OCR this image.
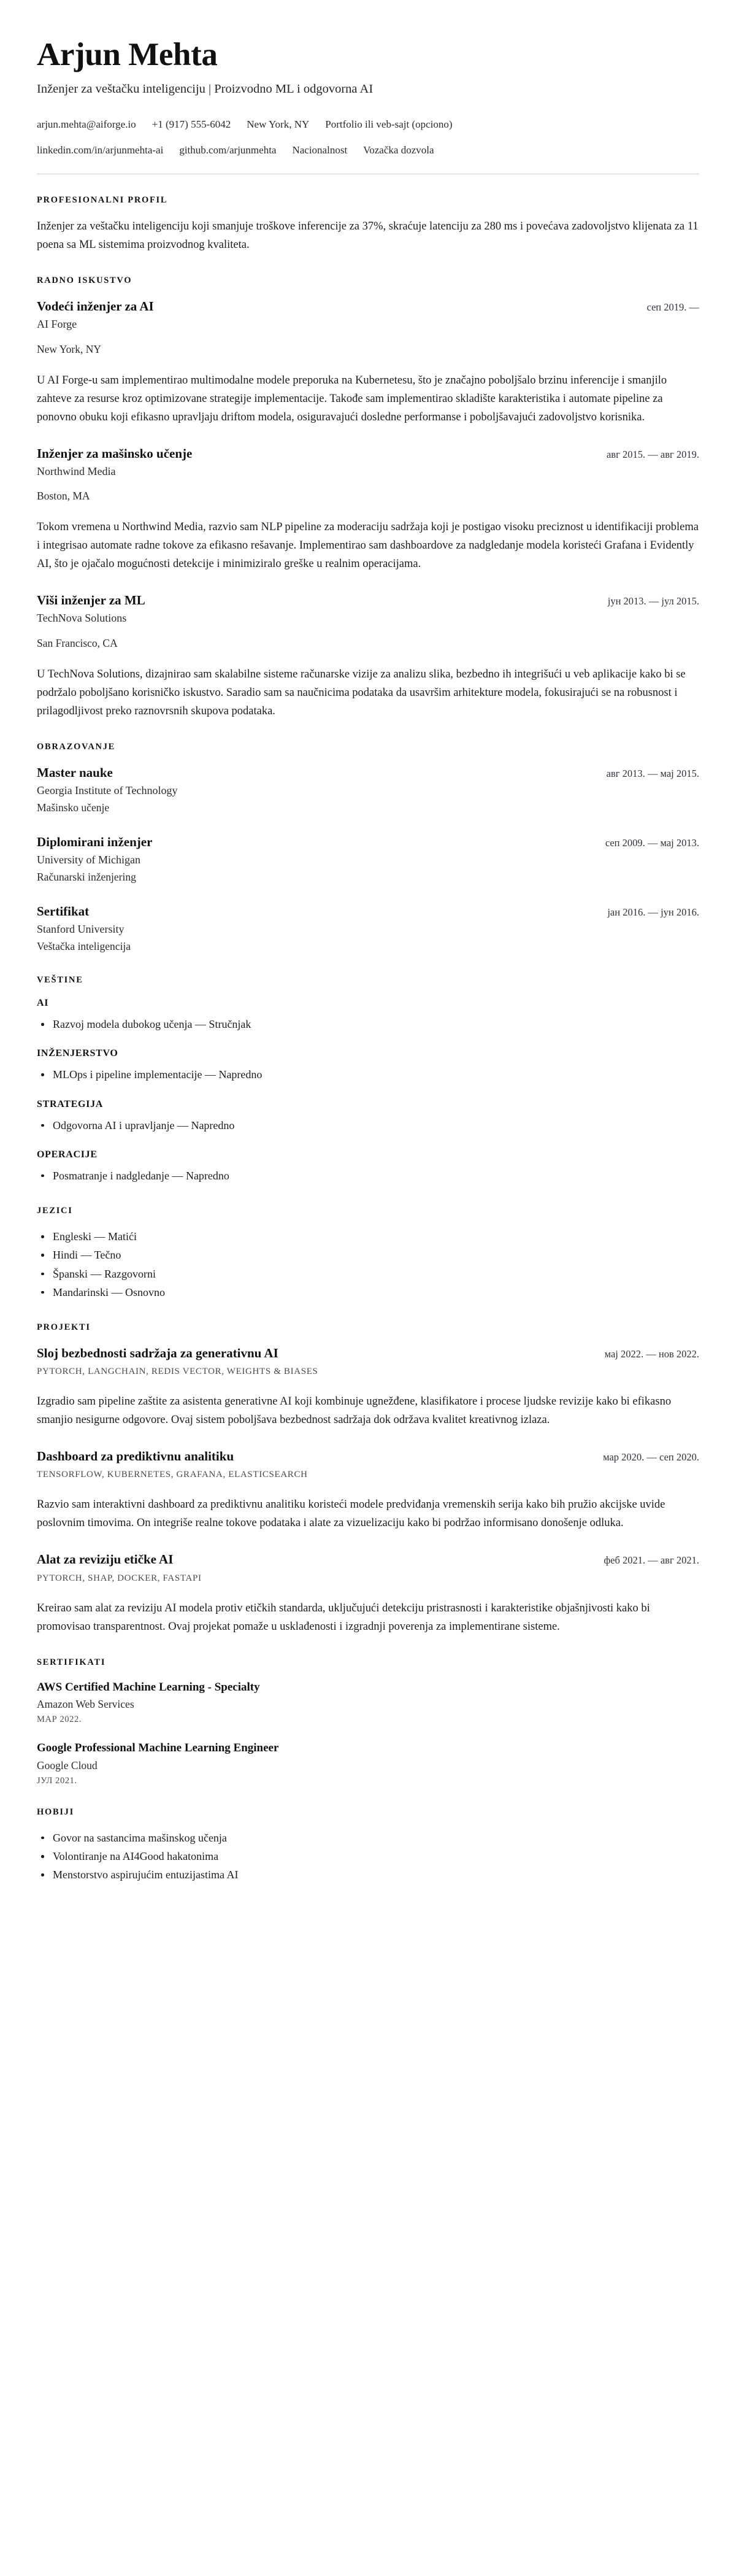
Arjun Mehta

Inženjer za veštačku inteligenciju | Proizvodno ML i odgovorna AI

arjun.mehta@aiforge.io +1 (917) 555-6042 New York, NY Portfolio ili veb-sajt (opciono)
linkedin.com/in/arjunmehta-ai github.com/arjunmehta Nacionalnost Vozačka dozvola
PROFESIONALNI PROFIL

Inženjer za veštačku inteligenciju koji smanjuje troškove inferencije za 37%, skraćuje latenciju za 280 ms i povećava zadovoljstvo klijenata za 11 poena sa ML sistemima proizvodnog kvaliteta.

RADNO ISKUSTVO
Vodeći inženjer za AI	сеп 2019. —

AI Forge

New York, NY

U AI Forge-u sam implementirao multimodalne modele preporuka na Kubernetesu, što je značajno poboljšalo brzinu inferencije i smanjilo zahteve za resurse kroz optimizovane strategije implementacije. Takođe sam implementirao skladište karakteristika i automate pipeline za ponovno obuku koji efikasno upravljaju driftom modela, osiguravajući dosledne performanse i poboljšavajući zadovoljstvo korisnika.

Inženjer za mašinsko učenje	авг 2015. — авг 2019.

Northwind Media

Boston, MA

Tokom vremena u Northwind Media, razvio sam NLP pipeline za moderaciju sadržaja koji je postigao visoku preciznost u identifikaciji problema i integrisao automate radne tokove za efikasno rešavanje. Implementirao sam dashboardove za nadgledanje modela koristeći Grafana i Evidently AI, što je ojačalo mogućnosti detekcije i minimiziralo greške u realnim operacijama.

Viši inženjer za ML	јун 2013. — јул 2015.

TechNova Solutions

San Francisco, CA

U TechNova Solutions, dizajnirao sam skalabilne sisteme računarske vizije za analizu slika, bezbedno ih integrišući u veb aplikacije kako bi se podržalo poboljšano korisničko iskustvo. Saradio sam sa naučnicima podataka da usavršim arhitekture modela, fokusirajući se na robusnost i prilagodljivost preko raznovrsnih skupova podataka.

OBRAZOVANJE
Master nauke	авг 2013. — мај 2015.

Georgia Institute of Technology

Mašinsko učenje

Diplomirani inženjer	сеп 2009. — мај 2013.

University of Michigan

Računarski inženjering

Sertifikat	јан 2016. — јун 2016.

Stanford University

Veštačka inteligencija

VEŠTINE
AI
Razvoj modela dubokog učenja — Stručnjak
INŽENJERSTVO
MLOps i pipeline implementacije — Napredno
STRATEGIJA
Odgovorna AI i upravljanje — Napredno
OPERACIJE
Posmatranje i nadgledanje — Napredno
JEZICI
Engleski — Matići
Hindi — Tečno
Španski — Razgovorni
Mandarinski — Osnovno
PROJEKTI
Sloj bezbednosti sadržaja za generativnu AI	мај 2022. — нов 2022.

PYTORCH, LANGCHAIN, REDIS VECTOR, WEIGHTS & BIASES

Izgradio sam pipeline zaštite za asistenta generativne AI koji kombinuje ugnežđene, klasifikatore i procese ljudske revizije kako bi efikasno smanjio nesigurne odgovore. Ovaj sistem poboljšava bezbednost sadržaja dok održava kvalitet kreativnog izlaza.

Dashboard za prediktivnu analitiku	мар 2020. — сеп 2020.

TENSORFLOW, KUBERNETES, GRAFANA, ELASTICSEARCH

Razvio sam interaktivni dashboard za prediktivnu analitiku koristeći modele predviđanja vremenskih serija kako bih pružio akcijske uvide poslovnim timovima. On integriše realne tokove podataka i alate za vizuelizaciju kako bi podržao informisano donošenje odluka.

Alat za reviziju etičke AI	феб 2021. — авг 2021.

PYTORCH, SHAP, DOCKER, FASTAPI

Kreirao sam alat za reviziju AI modela protiv etičkih standarda, uključujući detekciju pristrasnosti i karakteristike objašnjivosti kako bi promovisao transparentnost. Ovaj projekat pomaže u usklađenosti i izgradnji poverenja za implementirane sisteme.

SERTIFIKATI
AWS Certified Machine Learning - Specialty

Amazon Web Services

МАР 2022.

Google Professional Machine Learning Engineer

Google Cloud

ЈУЛ 2021.

HOBIJI
Govor na sastancima mašinskog učenja
Volontiranje na AI4Good hakatonima
Menstorstvo aspirujućim entuzijastima AI
